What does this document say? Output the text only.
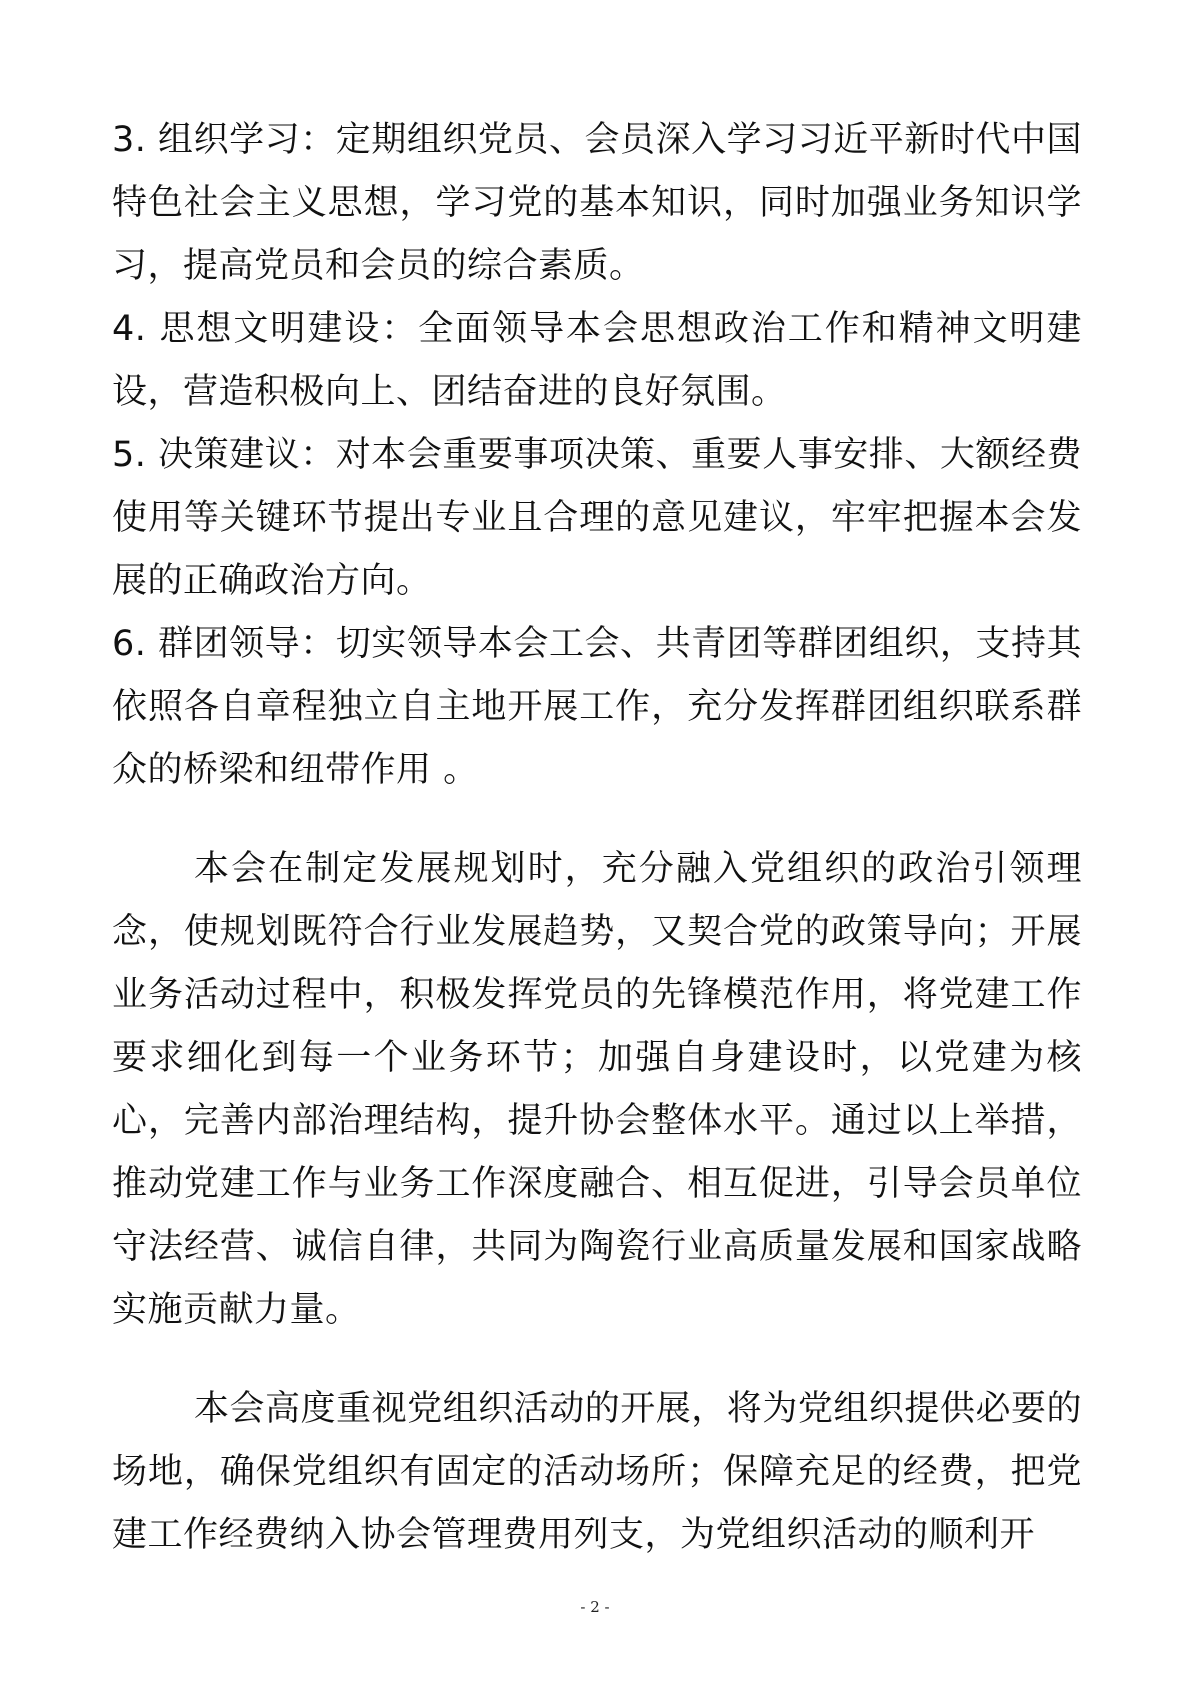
3. 组织学习：定期组织党员、会员深入学习习近平新时代中国特色社会主义思想，学习党的基本知识，同时加强业务知识学习，提高党员和会员的综合素质。

4. 思想文明建设：全面领导本会思想政治工作和精神文明建设，营造积极向上、团结奋进的良好氛围。

5. 决策建议：对本会重要事项决策、重要人事安排、大额经费使用等关键环节提出专业且合理的意见建议，牢牢把握本会发展的正确政治方向。

6. 群团领导：切实领导本会工会、共青团等群团组织，支持其依照各自章程独立自主地开展工作，充分发挥群团组织联系群众的桥梁和纽带作用 。

本会在制定发展规划时，充分融入党组织的政治引领理念，使规划既符合行业发展趋势，又契合党的政策导向；开展业务活动过程中，积极发挥党员的先锋模范作用，将党建工作要求细化到每一个业务环节；加强自身建设时，以党建为核心，完善内部治理结构，提升协会整体水平。通过以上举措，推动党建工作与业务工作深度融合、相互促进，引导会员单位守法经营、诚信自律，共同为陶瓷行业高质量发展和国家战略实施贡献力量。

本会高度重视党组织活动的开展，将为党组织提供必要的场地，确保党组织有固定的活动场所；保障充足的经费，把党建工作经费纳入协会管理费用列支，为党组织活动的顺利开

- 2 -
